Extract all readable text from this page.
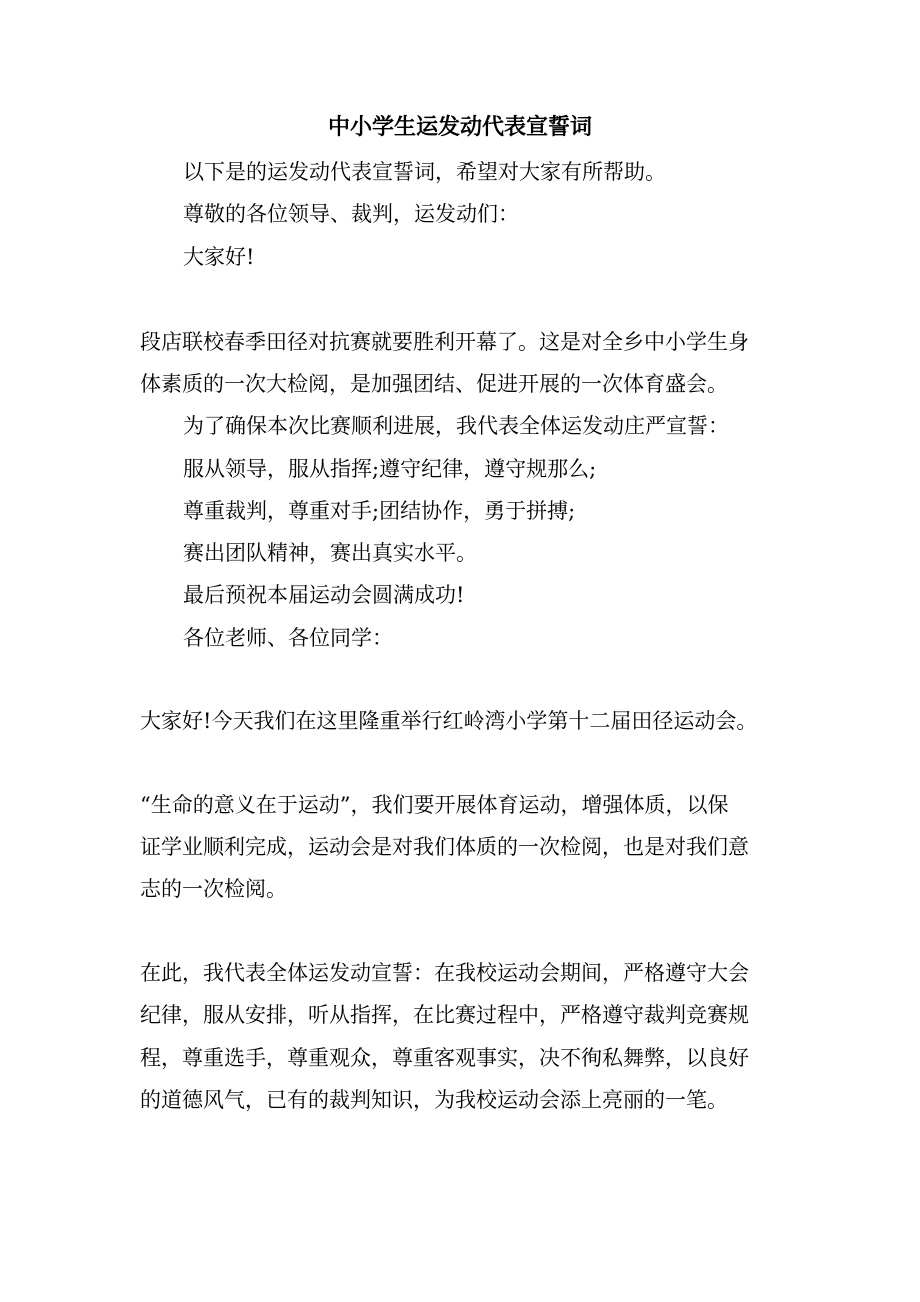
中小学生运发动代表宣誓词
以下是的运发动代表宣誓词，希望对大家有所帮助。
尊敬的各位领导、裁判，运发动们：
大家好!
段店联校春季田径对抗赛就要胜利开幕了。这是对全乡中小学生身
体素质的一次大检阅，是加强团结、促进开展的一次体育盛会。
为了确保本次比赛顺利进展，我代表全体运发动庄严宣誓：
服从领导，服从指挥;遵守纪律，遵守规那么;
尊重裁判，尊重对手;团结协作，勇于拼搏;
赛出团队精神，赛出真实水平。
最后预祝本届运动会圆满成功!
各位老师、各位同学：
大家好!今天我们在这里隆重举行红岭湾小学第十二届田径运动会。
“生命的意义在于运动”，我们要开展体育运动，增强体质，以保
证学业顺利完成，运动会是对我们体质的一次检阅，也是对我们意
志的一次检阅。
在此，我代表全体运发动宣誓：在我校运动会期间，严格遵守大会
纪律，服从安排，听从指挥，在比赛过程中，严格遵守裁判竞赛规
程，尊重选手，尊重观众，尊重客观事实，决不徇私舞弊，以良好
的道德风气，已有的裁判知识，为我校运动会添上亮丽的一笔。
